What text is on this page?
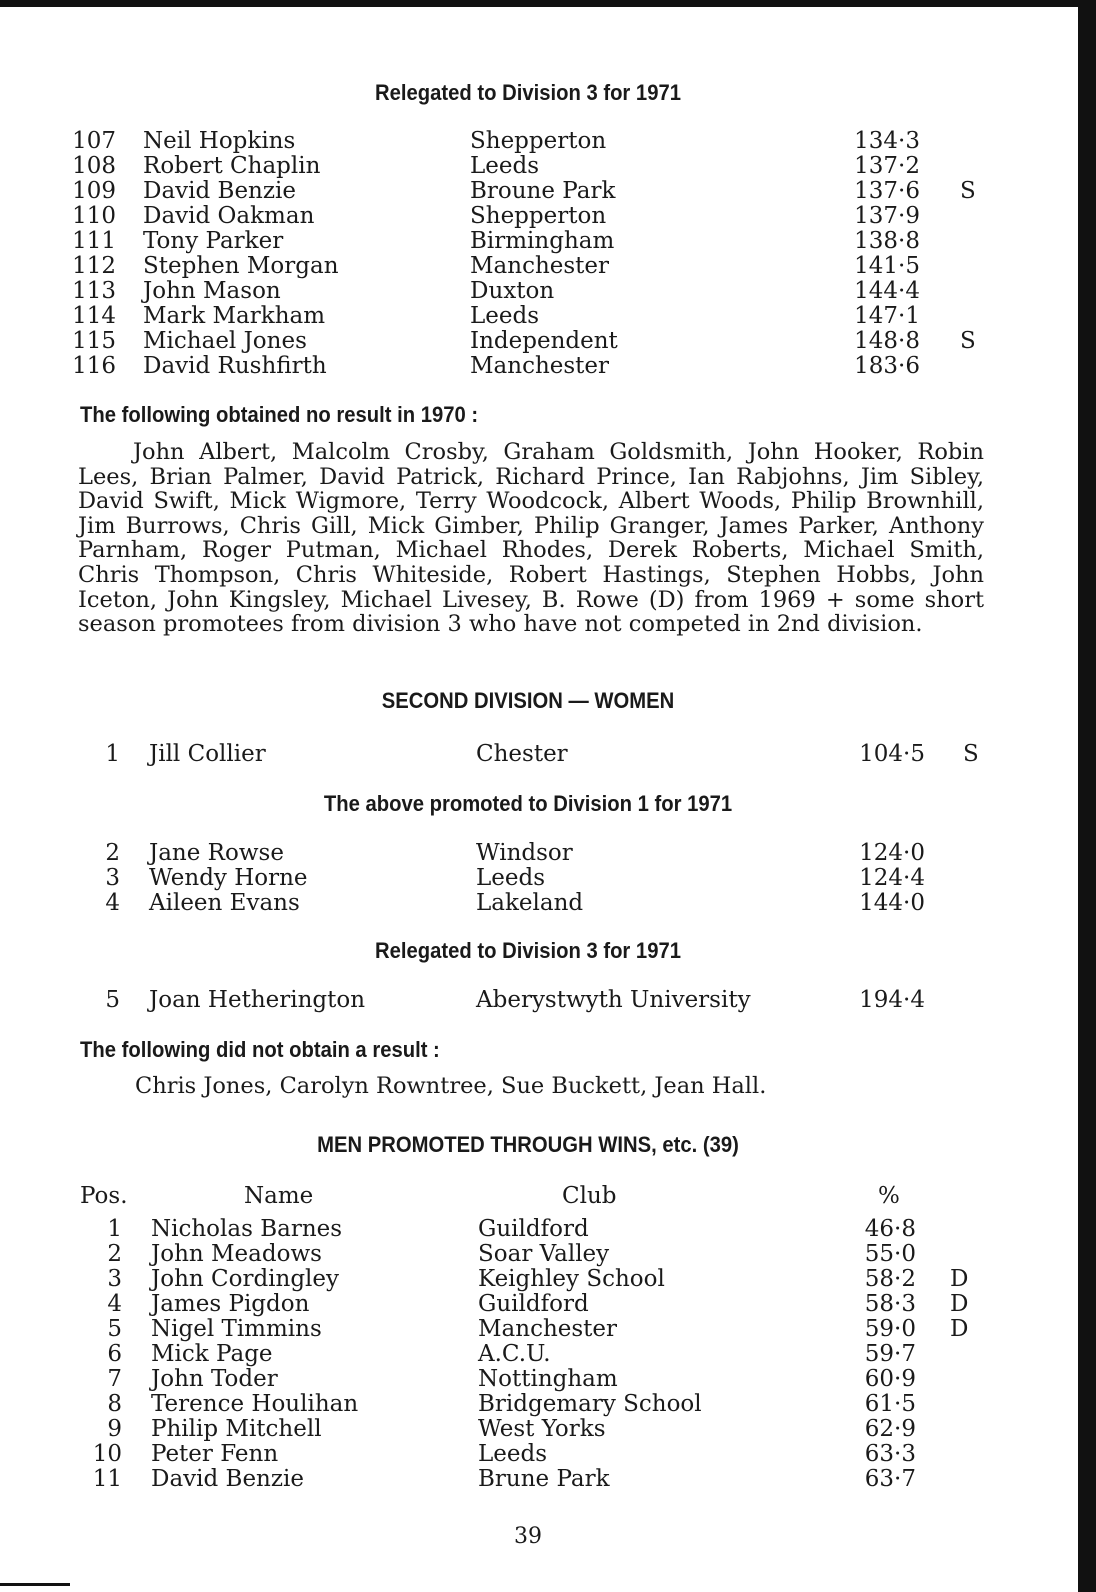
Relegated to Division 3 for 1971
107 Neil Hopkins	Shepperton	134·3
108 Robert Chaplin	Leeds	137·2
109 David Benzie	Broune Park	137·6 S
110 David Oakman	Shepperton	137·9
111 Tony Parker	Birmingham	138·8
112 Stephen Morgan	Manchester	141·5
113 John Mason	Duxton	144·4
114 Mark Markham	Leeds	147·1
115 Michael Jones	Independent	148·8 S
116 David Rushfirth	Manchester	183·6
The following obtained no result in 1970 :
John Albert, Malcolm Crosby, Graham Goldsmith, John Hooker, Robin Lees, Brian Palmer, David Patrick, Richard Prince, Ian Rabjohns, Jim Sibley, David Swift, Mick Wigmore, Terry Woodcock, Albert Woods, Philip Brownhill, Jim Burrows, Chris Gill, Mick Gimber, Philip Granger, James Parker, Anthony Parnham, Roger Putman, Michael Rhodes, Derek Roberts, Michael Smith, Chris Thompson, Chris Whiteside, Robert Hastings, Stephen Hobbs, John Iceton, John Kingsley, Michael Livesey, B. Rowe (D) from 1969 + some short season promotees from division 3 who have not competed in 2nd division.
SECOND DIVISION — WOMEN
1 Jill Collier	Chester	104·5 S
The above promoted to Division 1 for 1971
2 Jane Rowse	Windsor	124·0
3 Wendy Horne	Leeds	124·4
4 Aileen Evans	Lakeland	144·0
Relegated to Division 3 for 1971
5 Joan Hetherington	Aberystwyth University	194·4
The following did not obtain a result :
Chris Jones, Carolyn Rowntree, Sue Buckett, Jean Hall.
MEN PROMOTED THROUGH WINS, etc. (39)
Pos.	Name	Club	%
1 Nicholas Barnes	Guildford	46·8
2 John Meadows	Soar Valley	55·0
3 John Cordingley	Keighley School	58·2 D
4 James Pigdon	Guildford	58·3 D
5 Nigel Timmins	Manchester	59·0 D
6 Mick Page	A.C.U.	59·7
7 John Toder	Nottingham	60·9
8 Terence Houlihan	Bridgemary School	61·5
9 Philip Mitchell	West Yorks	62·9
10 Peter Fenn	Leeds	63·3
11 David Benzie	Brune Park	63·7
39
